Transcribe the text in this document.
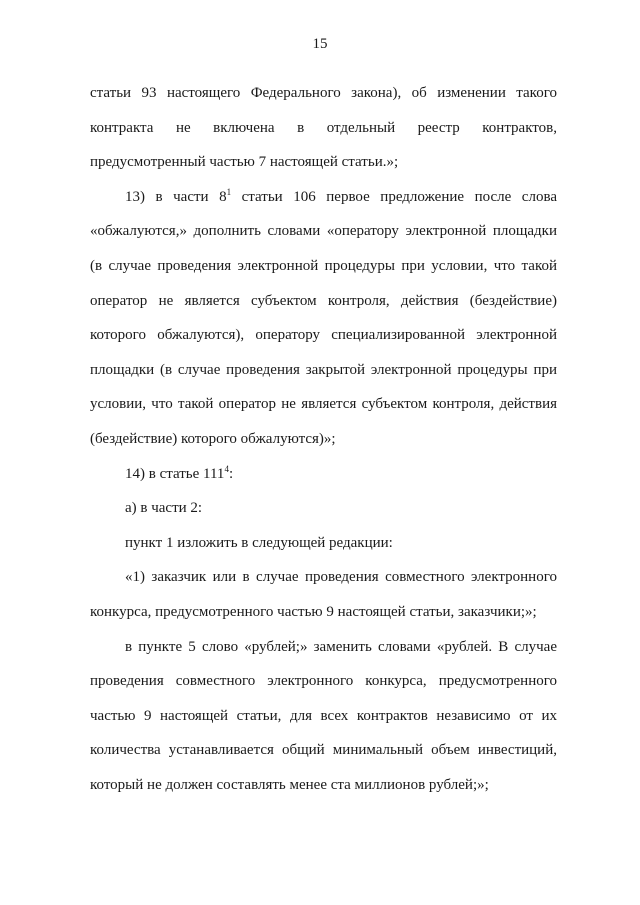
15

статьи 93 настоящего Федерального закона), об изменении такого контракта не включена в отдельный реестр контрактов, предусмотренный частью 7 настоящей статьи.»;

13) в части $8^1$ статьи 106 первое предложение после слова «обжалуются,» дополнить словами «оператору электронной площадки (в случае проведения электронной процедуры при условии, что такой оператор не является субъектом контроля, действия (бездействие) которого обжалуются), оператору специализированной электронной площадки (в случае проведения закрытой электронной процедуры при условии, что такой оператор не является субъектом контроля, действия (бездействие) которого обжалуются)»;

14) в статье $111^4$:

а) в части 2:

пункт 1 изложить в следующей редакции:

«1) заказчик или в случае проведения совместного электронного конкурса, предусмотренного частью 9 настоящей статьи, заказчики;»;

в пункте 5 слово «рублей;» заменить словами «рублей. В случае проведения совместного электронного конкурса, предусмотренного частью 9 настоящей статьи, для всех контрактов независимо от их количества устанавливается общий минимальный объем инвестиций, который не должен составлять менее ста миллионов рублей;»;
